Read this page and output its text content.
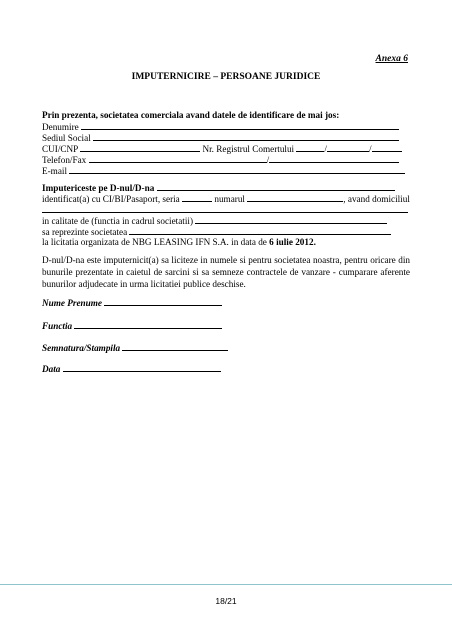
Anexa 6
IMPUTERNICIRE – PERSOANE JURIDICE
Prin prezenta, societatea comerciala avand datele de identificare de mai jos:
Denumire
Sediul Social
CUI/CNP	Nr. Registrul Comertului	/	/
Telefon/Fax	/
E-mail
Imputericeste pe D-nul/D-na
identificat(a) cu CI/BI/Pasaport, seria	numarul	, avand domiciliul
in calitate de (functia in cadrul societatii)
sa reprezinte societatea
la licitatia organizata de NBG LEASING IFN S.A. in data de 6 iulie 2012.
D-nul/D-na este imputernicit(a) sa liciteze in numele si pentru societatea noastra, pentru oricare din bunurile prezentate in caietul de sarcini si sa semneze contractele de vanzare - cumparare aferente bunurilor adjudecate in urma licitatiei publice deschise.
Nume Prenume
Functia
Semnatura/Stampila
Data
18/21
